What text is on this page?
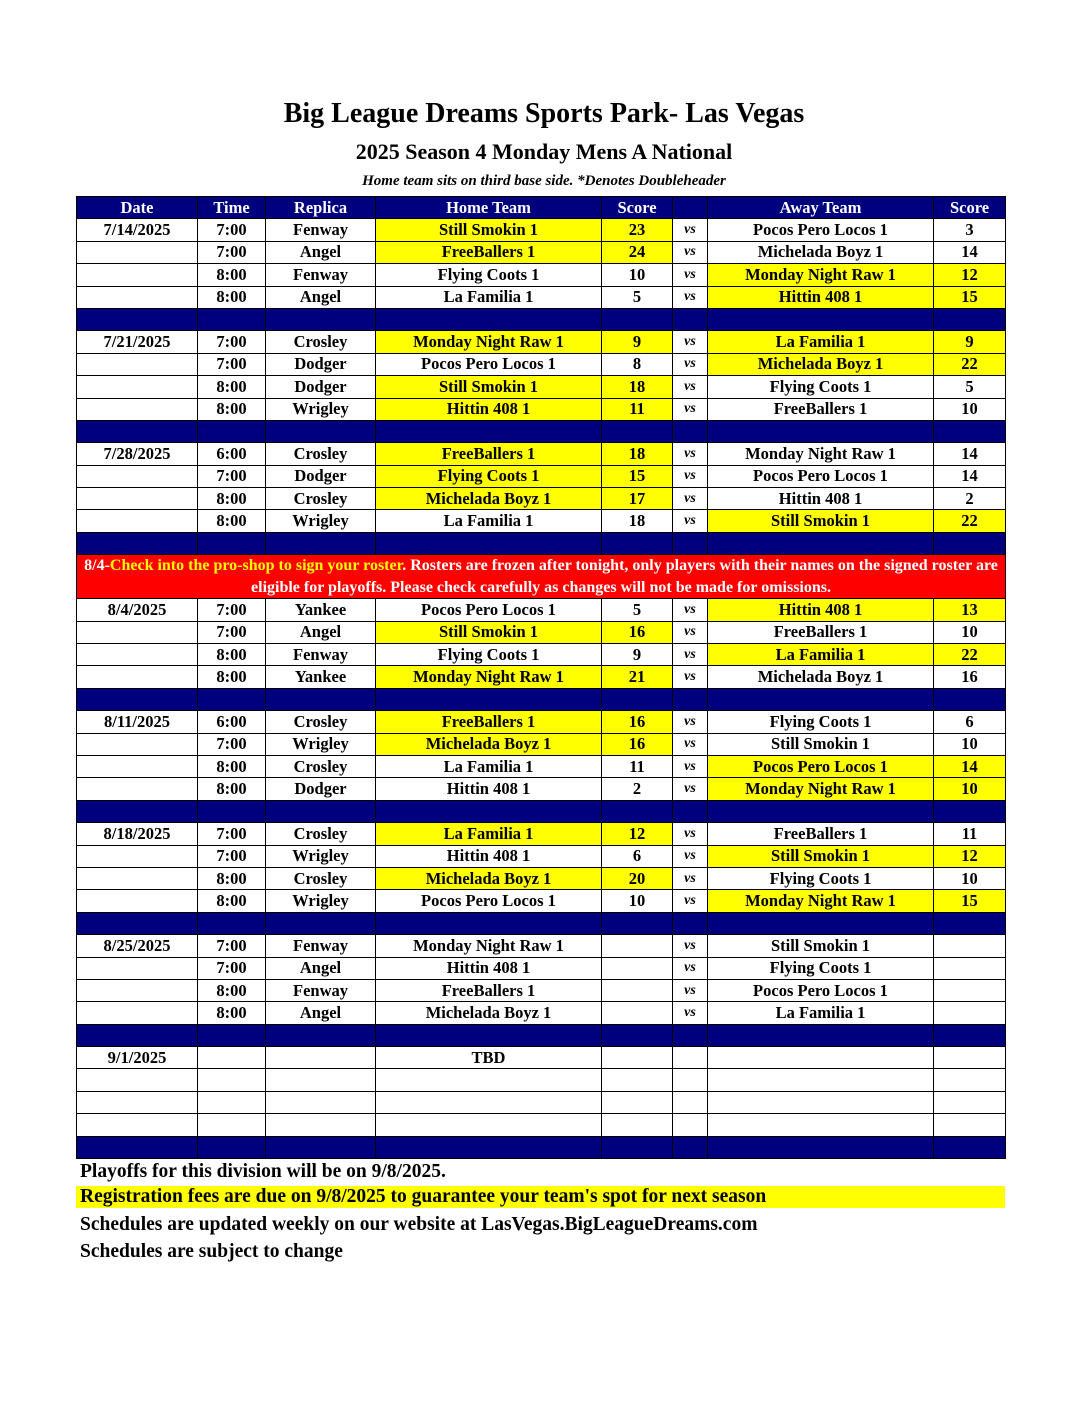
Big League Dreams Sports Park- Las Vegas
2025 Season 4 Monday Mens A National

Home team sits on third base side. *Denotes Doubleheader

Date	Time	Replica	Home Team	Score		Away Team	Score
7/14/2025	7:00	Fenway	Still Smokin 1	23	vs	Pocos Pero Locos 1	3
	7:00	Angel	FreeBallers 1	24	vs	Michelada Boyz 1	14
	8:00	Fenway	Flying Coots 1	10	vs	Monday Night Raw 1	12
	8:00	Angel	La Familia 1	5	vs	Hittin 408 1	15

7/21/2025	7:00	Crosley	Monday Night Raw 1	9	vs	La Familia 1	9
	7:00	Dodger	Pocos Pero Locos 1	8	vs	Michelada Boyz 1	22
	8:00	Dodger	Still Smokin 1	18	vs	Flying Coots 1	5
	8:00	Wrigley	Hittin 408 1	11	vs	FreeBallers 1	10

7/28/2025	6:00	Crosley	FreeBallers 1	18	vs	Monday Night Raw 1	14
	7:00	Dodger	Flying Coots 1	15	vs	Pocos Pero Locos 1	14
	8:00	Crosley	Michelada Boyz 1	17	vs	Hittin 408 1	2
	8:00	Wrigley	La Familia 1	18	vs	Still Smokin 1	22

8/4-Check into the pro-shop to sign your roster. Rosters are frozen after tonight, only players with their names on the signed roster are eligible for playoffs. Please check carefully as changes will not be made for omissions.							
8/4/2025	7:00	Yankee	Pocos Pero Locos 1	5	vs	Hittin 408 1	13
	7:00	Angel	Still Smokin 1	16	vs	FreeBallers 1	10
	8:00	Fenway	Flying Coots 1	9	vs	La Familia 1	22
	8:00	Yankee	Monday Night Raw 1	21	vs	Michelada Boyz 1	16

8/11/2025	6:00	Crosley	FreeBallers 1	16	vs	Flying Coots 1	6
	7:00	Wrigley	Michelada Boyz 1	16	vs	Still Smokin 1	10
	8:00	Crosley	La Familia 1	11	vs	Pocos Pero Locos 1	14
	8:00	Dodger	Hittin 408 1	2	vs	Monday Night Raw 1	10

8/18/2025	7:00	Crosley	La Familia 1	12	vs	FreeBallers 1	11
	7:00	Wrigley	Hittin 408 1	6	vs	Still Smokin 1	12
	8:00	Crosley	Michelada Boyz 1	20	vs	Flying Coots 1	10
	8:00	Wrigley	Pocos Pero Locos 1	10	vs	Monday Night Raw 1	15

8/25/2025	7:00	Fenway	Monday Night Raw 1		vs	Still Smokin 1	
	7:00	Angel	Hittin 408 1		vs	Flying Coots 1	
	8:00	Fenway	FreeBallers 1		vs	Pocos Pero Locos 1	
	8:00	Angel	Michelada Boyz 1		vs	La Familia 1	

9/1/2025			TBD				

Playoffs for this division will be on 9/8/2025.

Registration fees are due on 9/8/2025 to guarantee your team's spot for next season

Schedules are updated weekly on our website at LasVegas.BigLeagueDreams.com

Schedules are subject to change
